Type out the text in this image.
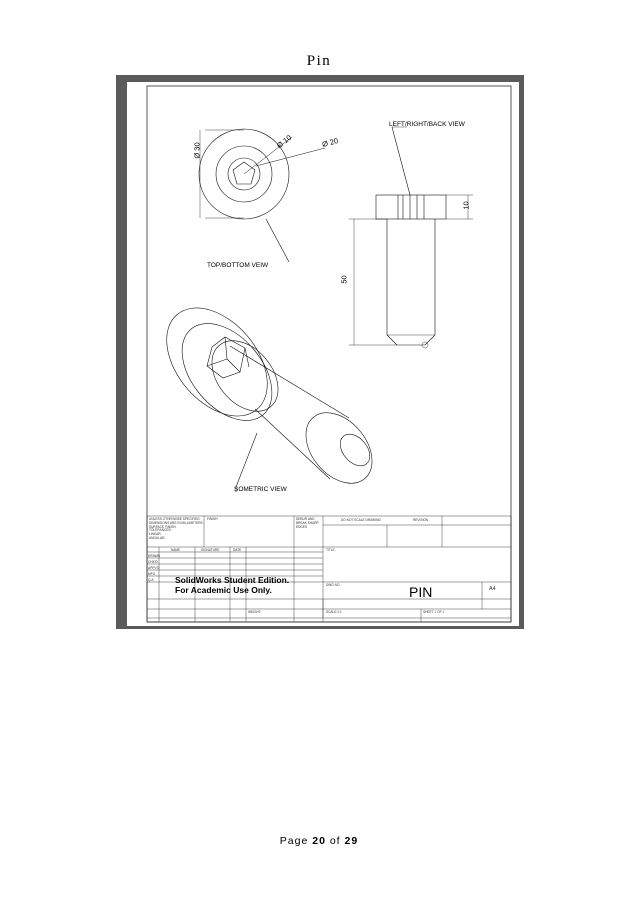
Pin
Ø 30
Ø 10	Ø 20
10
50
TOP/BOTTOM VEIW
LEFT/RIGHT/BACK VIEW
SOMETRIC VIEW
UNLESS OTHERWISE SPECIFIED:
DIMENSIONS ARE IN MILLIMETERS
SURFACE FINISH:
TOLERANCES:
LINEAR:
ANGULAR:
FINISH:	DEBUR AND
BREAK SHARP
EDGES
DO NOT SCALE DRAWING	REVISION
NAME	SIGNATURE	DATE
DRAWN
CHK'D
APPV'D
MFG
Q.A
TITLE:
DWG NO.	PIN	A4
WEIGHT:	SCALE:1:1	SHEET 1 OF 1
SolidWorks Student Edition.
For Academic Use Only.
Page 20 of 29
